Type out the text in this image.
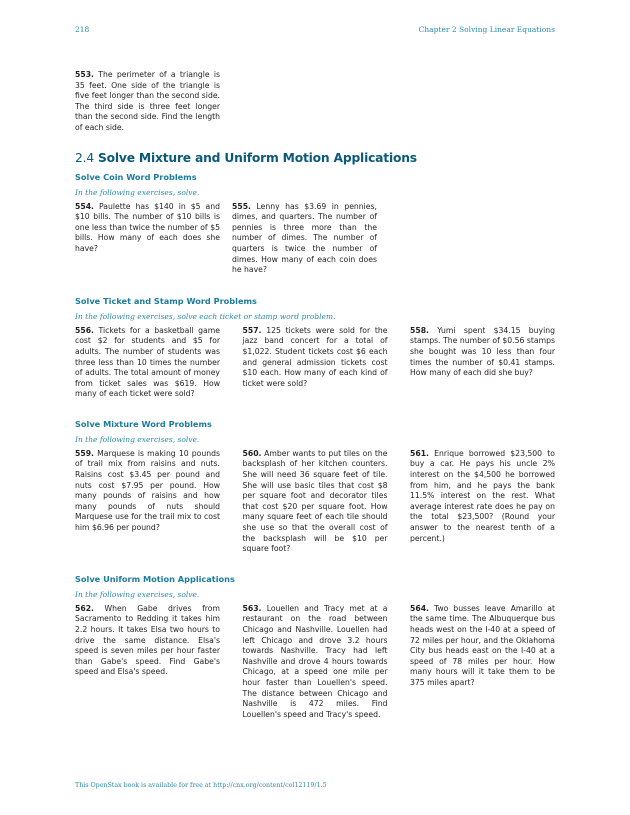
218	Chapter 2 Solving Linear Equations

553. The perimeter of a triangle is 35 feet. One side of the triangle is five feet longer than the second side. The third side is three feet longer than the second side. Find the length of each side.

2.4 Solve Mixture and Uniform Motion Applications
Solve Coin Word Problems
In the following exercises, solve.

554. Paulette has $140 in $5 and $10 bills. The number of $10 bills is one less than twice the number of $5 bills. How many of each does she have?

555. Lenny has $3.69 in pennies, dimes, and quarters. The number of pennies is three more than the number of dimes. The number of quarters is twice the number of dimes. How many of each coin does he have?

Solve Ticket and Stamp Word Problems
In the following exercises, solve each ticket or stamp word problem.

556. Tickets for a basketball game cost $2 for students and $5 for adults. The number of students was three less than 10 times the number of adults. The total amount of money from ticket sales was $619. How many of each ticket were sold?

557. 125 tickets were sold for the jazz band concert for a total of $1,022. Student tickets cost $6 each and general admission tickets cost $10 each. How many of each kind of ticket were sold?

558. Yumi spent $34.15 buying stamps. The number of $0.56 stamps she bought was 10 less than four times the number of $0.41 stamps. How many of each did she buy?

Solve Mixture Word Problems
In the following exercises, solve.

559. Marquese is making 10 pounds of trail mix from raisins and nuts. Raisins cost $3.45 per pound and nuts cost $7.95 per pound. How many pounds of raisins and how many pounds of nuts should Marquese use for the trail mix to cost him $6.96 per pound?

560. Amber wants to put tiles on the backsplash of her kitchen counters. She will need 36 square feet of tile. She will use basic tiles that cost $8 per square foot and decorator tiles that cost $20 per square foot. How many square feet of each tile should she use so that the overall cost of the backsplash will be $10 per square foot?

561. Enrique borrowed $23,500 to buy a car. He pays his uncle 2% interest on the $4,500 he borrowed from him, and he pays the bank 11.5% interest on the rest. What average interest rate does he pay on the total $23,500? (Round your answer to the nearest tenth of a percent.)

Solve Uniform Motion Applications
In the following exercises, solve.

562. When Gabe drives from Sacramento to Redding it takes him 2.2 hours. It takes Elsa two hours to drive the same distance. Elsa's speed is seven miles per hour faster than Gabe's speed. Find Gabe's speed and Elsa's speed.

563. Louellen and Tracy met at a restaurant on the road between Chicago and Nashville. Louellen had left Chicago and drove 3.2 hours towards Nashville. Tracy had left Nashville and drove 4 hours towards Chicago, at a speed one mile per hour faster than Louellen's speed. The distance between Chicago and Nashville is 472 miles. Find Louellen's speed and Tracy's speed.

564. Two busses leave Amarillo at the same time. The Albuquerque bus heads west on the I-40 at a speed of 72 miles per hour, and the Oklahoma City bus heads east on the I-40 at a speed of 78 miles per hour. How many hours will it take them to be 375 miles apart?

This OpenStax book is available for free at http://cnx.org/content/col12119/1.5
